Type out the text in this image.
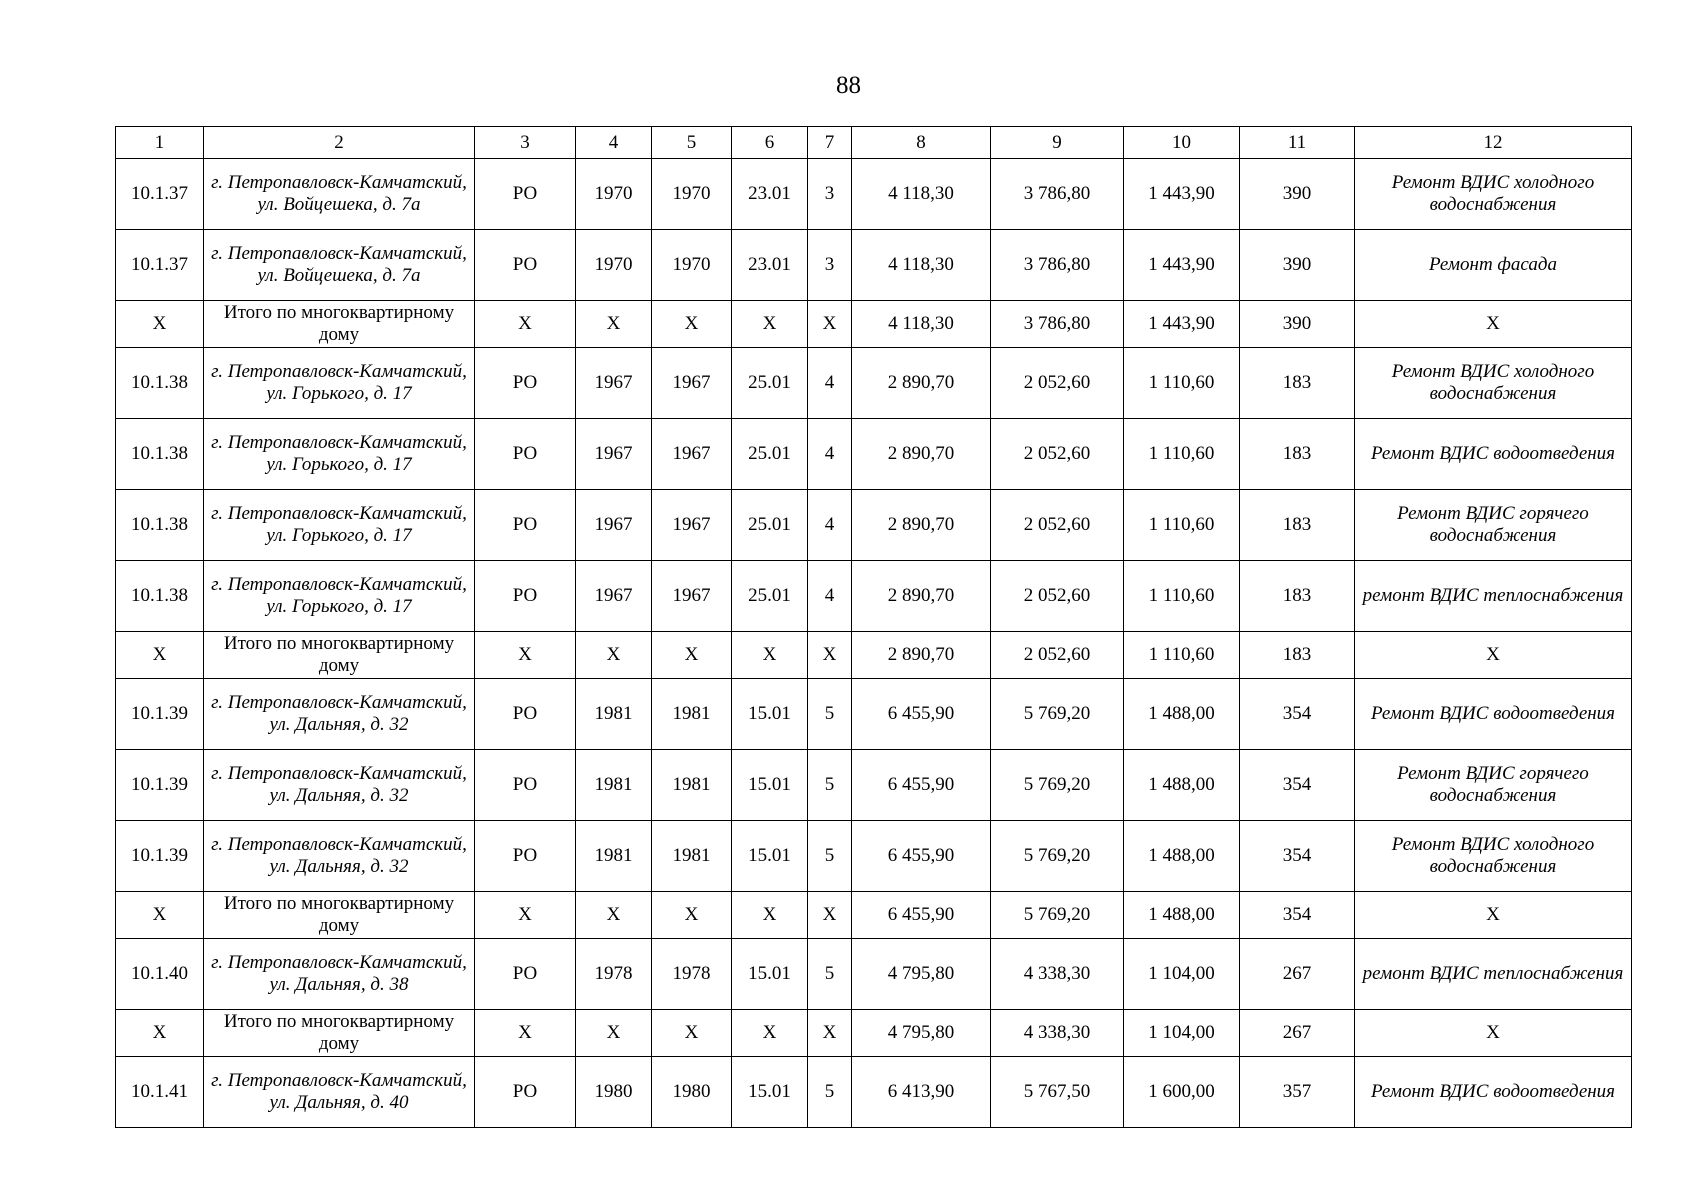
88
1	2	3	4	5	6	7	8	9	10	11	12
10.1.37	г. Петропавловск-Камчатский, ул. Войцешека, д. 7а	РО	1970	1970	23.01	3	4 118,30	3 786,80	1 443,90	390	Ремонт ВДИС холодного водоснабжения
10.1.37	г. Петропавловск-Камчатский, ул. Войцешека, д. 7а	РО	1970	1970	23.01	3	4 118,30	3 786,80	1 443,90	390	Ремонт фасада
Х	Итого по многоквартирному дому	Х	Х	Х	Х	Х	4 118,30	3 786,80	1 443,90	390	Х
10.1.38	г. Петропавловск-Камчатский, ул. Горького, д. 17	РО	1967	1967	25.01	4	2 890,70	2 052,60	1 110,60	183	Ремонт ВДИС холодного водоснабжения
10.1.38	г. Петропавловск-Камчатский, ул. Горького, д. 17	РО	1967	1967	25.01	4	2 890,70	2 052,60	1 110,60	183	Ремонт ВДИС водоотведения
10.1.38	г. Петропавловск-Камчатский, ул. Горького, д. 17	РО	1967	1967	25.01	4	2 890,70	2 052,60	1 110,60	183	Ремонт ВДИС горячего водоснабжения
10.1.38	г. Петропавловск-Камчатский, ул. Горького, д. 17	РО	1967	1967	25.01	4	2 890,70	2 052,60	1 110,60	183	ремонт ВДИС теплоснабжения
Х	Итого по многоквартирному дому	Х	Х	Х	Х	Х	2 890,70	2 052,60	1 110,60	183	Х
10.1.39	г. Петропавловск-Камчатский, ул. Дальняя, д. 32	РО	1981	1981	15.01	5	6 455,90	5 769,20	1 488,00	354	Ремонт ВДИС водоотведения
10.1.39	г. Петропавловск-Камчатский, ул. Дальняя, д. 32	РО	1981	1981	15.01	5	6 455,90	5 769,20	1 488,00	354	Ремонт ВДИС горячего водоснабжения
10.1.39	г. Петропавловск-Камчатский, ул. Дальняя, д. 32	РО	1981	1981	15.01	5	6 455,90	5 769,20	1 488,00	354	Ремонт ВДИС холодного водоснабжения
Х	Итого по многоквартирному дому	Х	Х	Х	Х	Х	6 455,90	5 769,20	1 488,00	354	Х
10.1.40	г. Петропавловск-Камчатский, ул. Дальняя, д. 38	РО	1978	1978	15.01	5	4 795,80	4 338,30	1 104,00	267	ремонт ВДИС теплоснабжения
Х	Итого по многоквартирному дому	Х	Х	Х	Х	Х	4 795,80	4 338,30	1 104,00	267	Х
10.1.41	г. Петропавловск-Камчатский, ул. Дальняя, д. 40	РО	1980	1980	15.01	5	6 413,90	5 767,50	1 600,00	357	Ремонт ВДИС водоотведения
